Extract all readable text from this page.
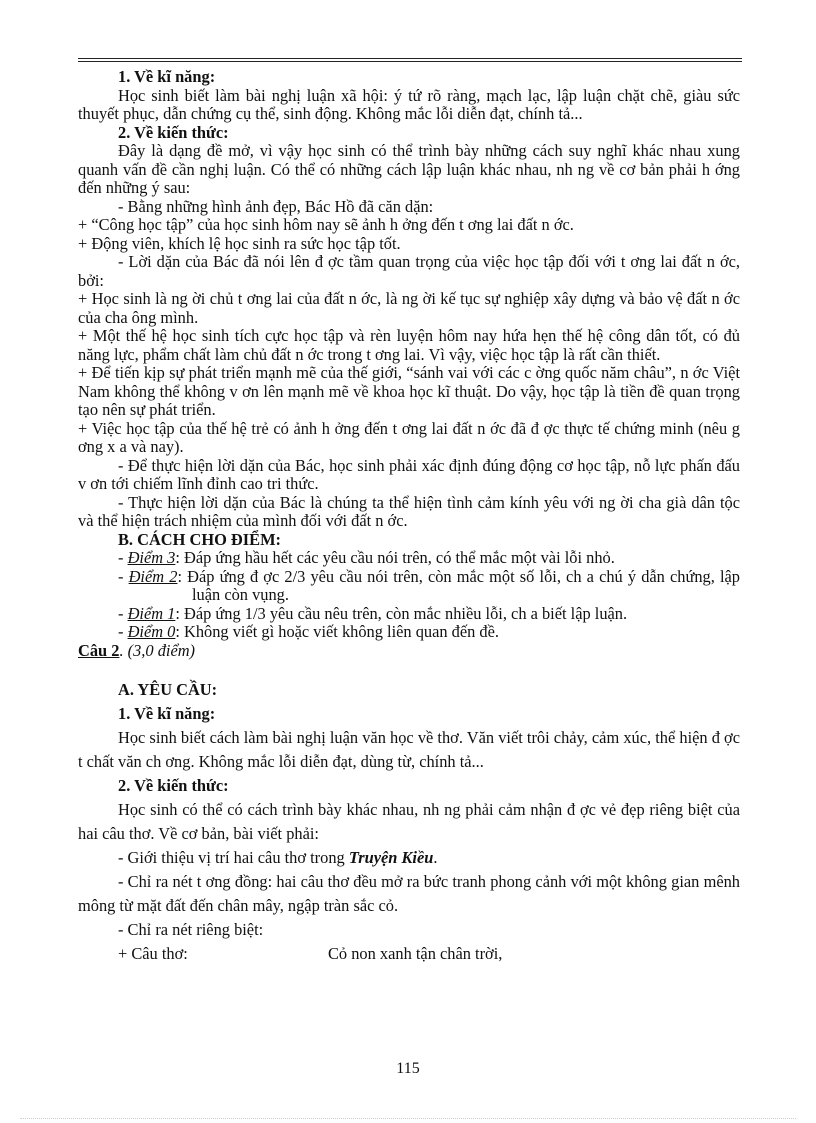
1. Về kĩ năng:

Học sinh biết làm bài nghị luận xã hội: ý tứ rõ ràng, mạch lạc, lập luận chặt chẽ, giàu sức thuyết phục, dẫn chứng cụ thể, sinh động. Không mắc lỗi diễn đạt, chính tả...

2. Về kiến thức:

Đây là dạng đề mở, vì vậy học sinh có thể trình bày những cách suy nghĩ khác nhau xung quanh vấn đề cần nghị luận. Có thể có những cách lập luận khác nhau, nh ng về cơ bản phải h ớng đến những ý sau:

- Bằng những hình ảnh đẹp, Bác Hồ đã căn dặn:

+ “Công học tập” của học sinh hôm nay sẽ ảnh h ởng đến t ơng lai đất n ớc.

+ Động viên, khích lệ học sinh ra sức học tập tốt.

- Lời dặn của Bác đã nói lên đ ợc tầm quan trọng của việc học tập đối với t ơng lai đất n ớc, bởi:

+ Học sinh là ng ời chủ t ơng lai của đất n ớc, là ng ời kế tục sự nghiệp xây dựng và bảo vệ đất n ớc của cha ông mình.

+ Một thế hệ học sinh tích cực học tập và rèn luyện hôm nay hứa hẹn thế hệ công dân tốt, có đủ năng lực, phẩm chất làm chủ đất n ớc trong t ơng lai. Vì vậy, việc học tập là rất cần thiết.

+ Để tiến kịp sự phát triển mạnh mẽ của thế giới, “sánh vai với các c ờng quốc năm châu”, n ớc Việt Nam không thể không v ơn lên mạnh mẽ về khoa học kĩ thuật. Do vậy, học tập là tiền đề quan trọng tạo nên sự phát triển.

+ Việc học tập của thế hệ trẻ có ảnh h ởng đến t ơng lai đất n ớc đã đ ợc thực tế chứng minh (nêu g ơng x a và nay).

- Để thực hiện lời dặn của Bác, học sinh phải xác định đúng động cơ học tập, nỗ lực phấn đấu v ơn tới chiếm lĩnh đỉnh cao tri thức.

- Thực hiện lời dặn của Bác là chúng ta thể hiện tình cảm kính yêu với ng ời cha già dân tộc và thể hiện trách nhiệm của mình đối với đất n ớc.

B. CÁCH CHO ĐIỂM:

- Điểm 3: Đáp ứng hầu hết các yêu cầu nói trên, có thể mắc một vài lỗi nhỏ.

- Điểm 2: Đáp ứng đ ợc 2/3 yêu cầu nói trên, còn mắc một số lỗi, ch a chú ý dẫn chứng, lập luận còn vụng.

- Điểm 1: Đáp ứng 1/3 yêu cầu nêu trên, còn mắc nhiều lỗi, ch a biết lập luận.

- Điểm 0: Không viết gì hoặc viết không liên quan đến đề.

Câu 2. (3,0 điểm)

A. YÊU CẦU:

1. Về kĩ năng:

Học sinh biết cách làm bài nghị luận văn học về thơ. Văn viết trôi chảy, cảm xúc, thể hiện đ ợc t chất văn ch ơng. Không mắc lỗi diễn đạt, dùng từ, chính tả...

2. Về kiến thức:

Học sinh có thể có cách trình bày khác nhau, nh ng phải cảm nhận đ ợc vẻ đẹp riêng biệt của hai câu thơ. Về cơ bản, bài viết phải:

- Giới thiệu vị trí hai câu thơ trong Truyện Kiều.

- Chỉ ra nét t ơng đồng: hai câu thơ đều mở ra bức tranh phong cảnh với một không gian mênh mông từ mặt đất đến chân mây, ngập tràn sắc cỏ.

- Chỉ ra nét riêng biệt:

+ Câu thơ:	Cỏ non xanh tận chân trời,

115
